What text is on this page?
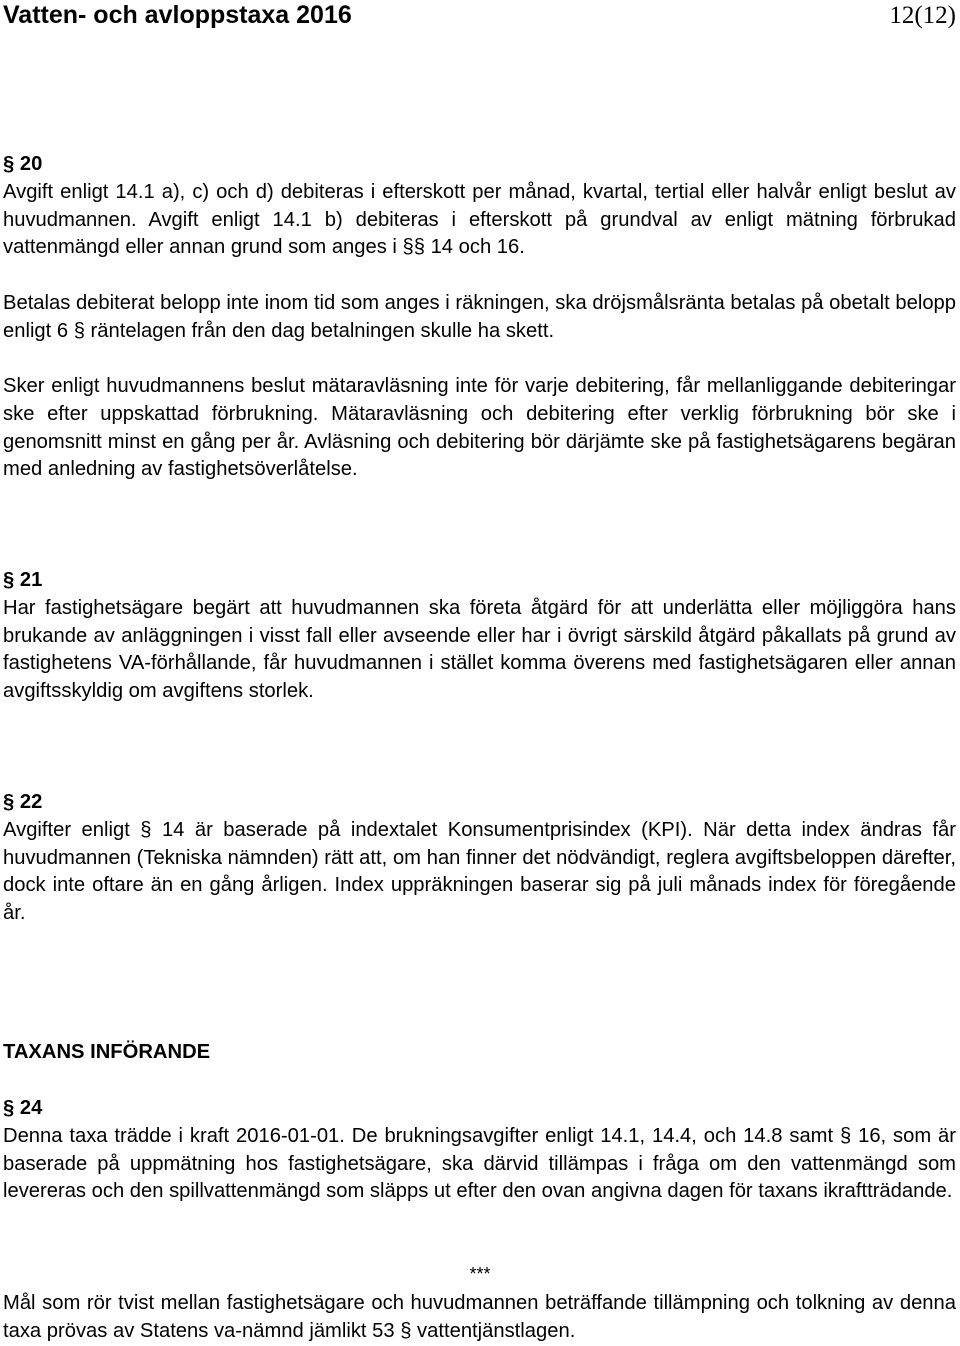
Vatten- och avloppstaxa 2016	12(12)

§ 20

Avgift enligt 14.1 a), c) och d) debiteras i efterskott per månad, kvartal, tertial eller halvår enligt beslut av huvudmannen. Avgift enligt 14.1 b) debiteras i efterskott på grundval av enligt mätning förbrukad vattenmängd eller annan grund som anges i §§ 14 och 16.

Betalas debiterat belopp inte inom tid som anges i räkningen, ska dröjsmålsränta betalas på obetalt belopp enligt 6 § räntelagen från den dag betalningen skulle ha skett.

Sker enligt huvudmannens beslut mätaravläsning inte för varje debitering, får mellanliggande debiteringar ske efter uppskattad förbrukning. Mätaravläsning och debitering efter verklig förbrukning bör ske i genomsnitt minst en gång per år. Avläsning och debitering bör därjämte ske på fastighetsägarens begäran med anledning av fastighetsöverlåtelse.

§ 21

Har fastighetsägare begärt att huvudmannen ska företa åtgärd för att underlätta eller möjliggöra hans brukande av anläggningen i visst fall eller avseende eller har i övrigt särskild åtgärd påkallats på grund av fastighetens VA-förhållande, får huvudmannen i stället komma överens med fastighetsägaren eller annan avgiftsskyldig om avgiftens storlek.

§ 22

Avgifter enligt § 14 är baserade på indextalet Konsumentprisindex (KPI). När detta index ändras får huvudmannen (Tekniska nämnden) rätt att, om han finner det nödvändigt, reglera avgiftsbeloppen därefter, dock inte oftare än en gång årligen. Index uppräkningen baserar sig på juli månads index för föregående år.

TAXANS INFÖRANDE

§ 24

Denna taxa trädde i kraft 2016-01-01. De brukningsavgifter enligt 14.1, 14.4, och 14.8 samt § 16, som är baserade på uppmätning hos fastighetsägare, ska därvid tillämpas i fråga om den vattenmängd som levereras och den spillvattenmängd som släpps ut efter den ovan angivna dagen för taxans ikraftträdande.

***

Mål som rör tvist mellan fastighetsägare och huvudmannen beträffande tillämpning och tolkning av denna taxa prövas av Statens va-nämnd jämlikt 53 § vattentjänstlagen.
